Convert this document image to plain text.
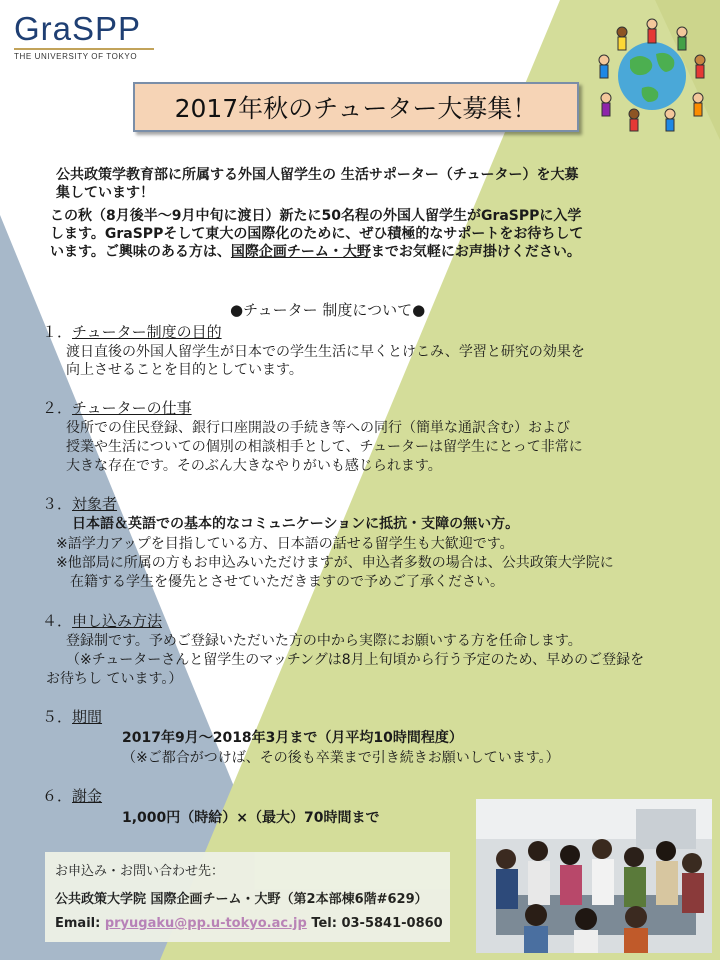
GraSPP
THE UNIVERSITY OF TOKYO
2017年秋のチューター大募集！
公共政策学教育部に所属する外国人留学生の 生活サポーター（チューター）を大募
集しています！
この秋（8月後半～9月中旬に渡日）新たに50名程の外国人留学生がGraSPPに入学
します。GraSPPそして東大の国際化のために、ぜひ積極的なサポートをお待ちして
います。ご興味のある方は、国際企画チーム・大野までお気軽にお声掛けください。
●チューター 制度について●
１．チューター制度の目的
渡日直後の外国人留学生が日本での学生生活に早くとけこみ、学習と研究の効果を
向上させることを目的としています。
２．チューターの仕事
役所での住民登録、銀行口座開設の手続き等への同行（簡単な通訳含む）および
授業や生活についての個別の相談相手として、チューターは留学生にとって非常に
大きな存在です。そのぶん大きなやりがいも感じられます。
３．対象者
日本語＆英語での基本的なコミュニケーションに抵抗・支障の無い方。
※語学力アップを目指している方、日本語の話せる留学生も大歓迎です。
※他部局に所属の方もお申込みいただけますが、申込者多数の場合は、公共政策大学院に
在籍する学生を優先とさせていただきますので予めご了承ください。
４．申し込み方法
登録制です。予めご登録いただいた方の中から実際にお願いする方を任命します。
（※チューターさんと留学生のマッチングは8月上旬頃から行う予定のため、早めのご登録を
お待ちし ています。）
５．期間
2017年9月～2018年3月まで（月平均10時間程度）
（※ご都合がつけば、その後も卒業まで引き続きお願いしています。）
６．謝金
1,000円（時給）×（最大）70時間まで
お申込み・お問い合わせ先：
公共政策大学院 国際企画チーム・大野（第2本部棟6階#629）
Email: pryugaku@pp.u-tokyo.ac.jp Tel: 03-5841-0860
